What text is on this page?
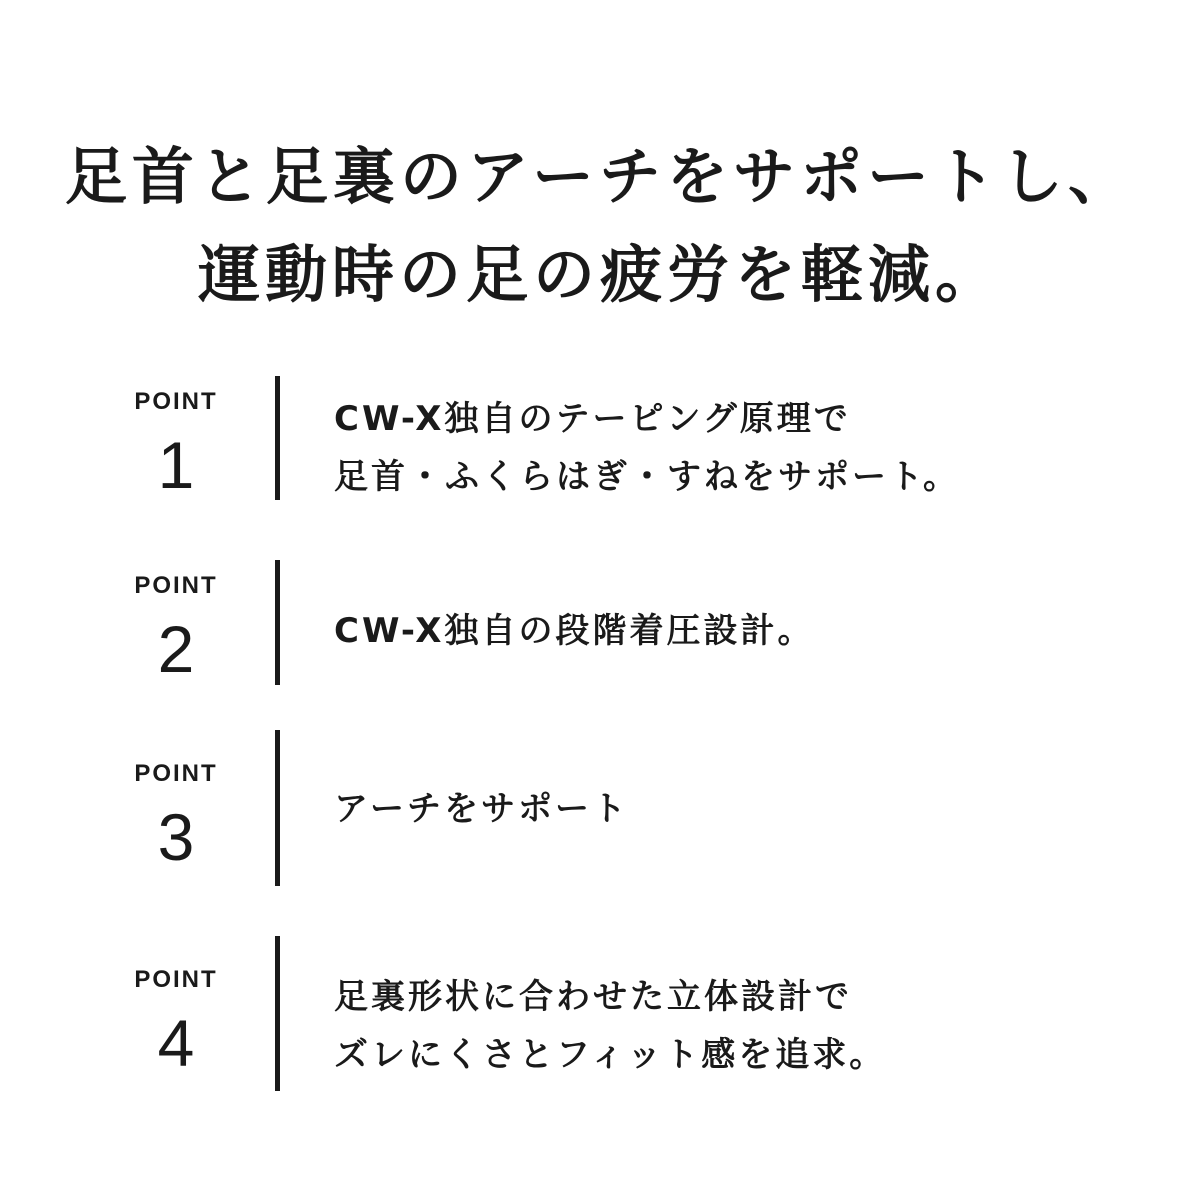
足首と足裏のアーチをサポートし、
運動時の足の疲労を軽減。
POINT
1
CW-X独自のテーピング原理で
足首・ふくらはぎ・すねをサポート。
POINT
2	CW-X独自の段階着圧設計。
POINT
3	アーチをサポート
POINT
4
足裏形状に合わせた立体設計で
ズレにくさとフィット感を追求。
